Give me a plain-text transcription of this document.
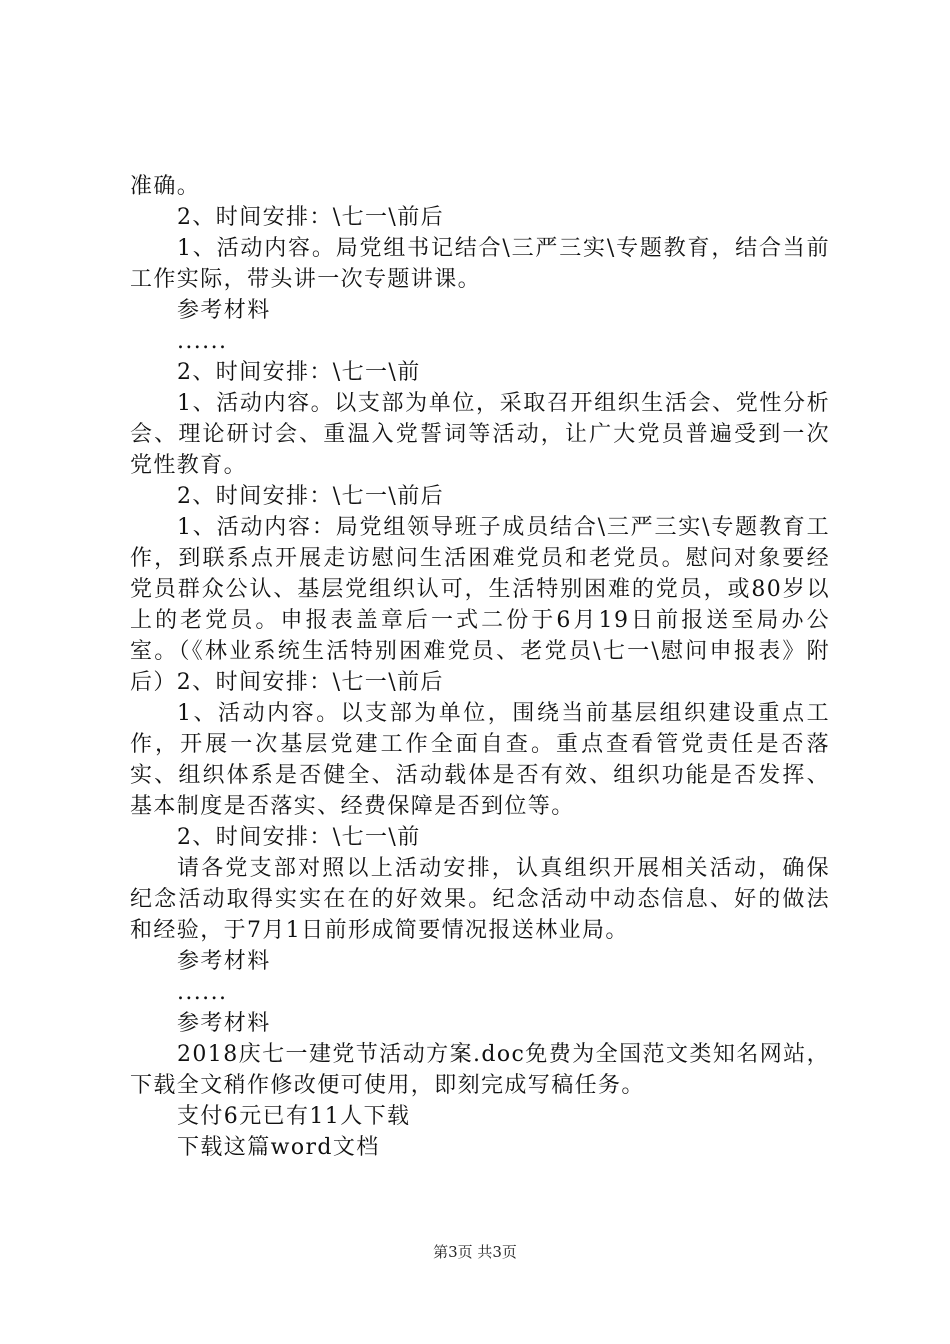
准确。

2、时间安排：\七一\前后

1、活动内容。局党组书记结合\三严三实\专题教育，结合当前工作实际，带头讲一次专题讲课。

参考材料

......

2、时间安排：\七一\前

1、活动内容。以支部为单位，采取召开组织生活会、党性分析会、理论研讨会、重温入党誓词等活动，让广大党员普遍受到一次党性教育。

2、时间安排：\七一\前后

1、活动内容：局党组领导班子成员结合\三严三实\专题教育工作，到联系点开展走访慰问生活困难党员和老党员。慰问对象要经党员群众公认、基层党组织认可，生活特别困难的党员，或80岁以上的老党员。申报表盖章后一式二份于6月19日前报送至局办公室。（《林业系统生活特别困难党员、老党员\七一\慰问申报表》附后）2、时间安排：\七一\前后

1、活动内容。以支部为单位，围绕当前基层组织建设重点工作，开展一次基层党建工作全面自查。重点查看管党责任是否落实、组织体系是否健全、活动载体是否有效、组织功能是否发挥、基本制度是否落实、经费保障是否到位等。

2、时间安排：\七一\前

请各党支部对照以上活动安排，认真组织开展相关活动，确保纪念活动取得实实在在的好效果。纪念活动中动态信息、好的做法和经验，于7月1日前形成简要情况报送林业局。

参考材料

......

参考材料

2018庆七一建党节活动方案.doc免费为全国范文类知名网站，下载全文稍作修改便可使用，即刻完成写稿任务。

支付6元已有11人下载

下载这篇word文档

第3页 共3页
